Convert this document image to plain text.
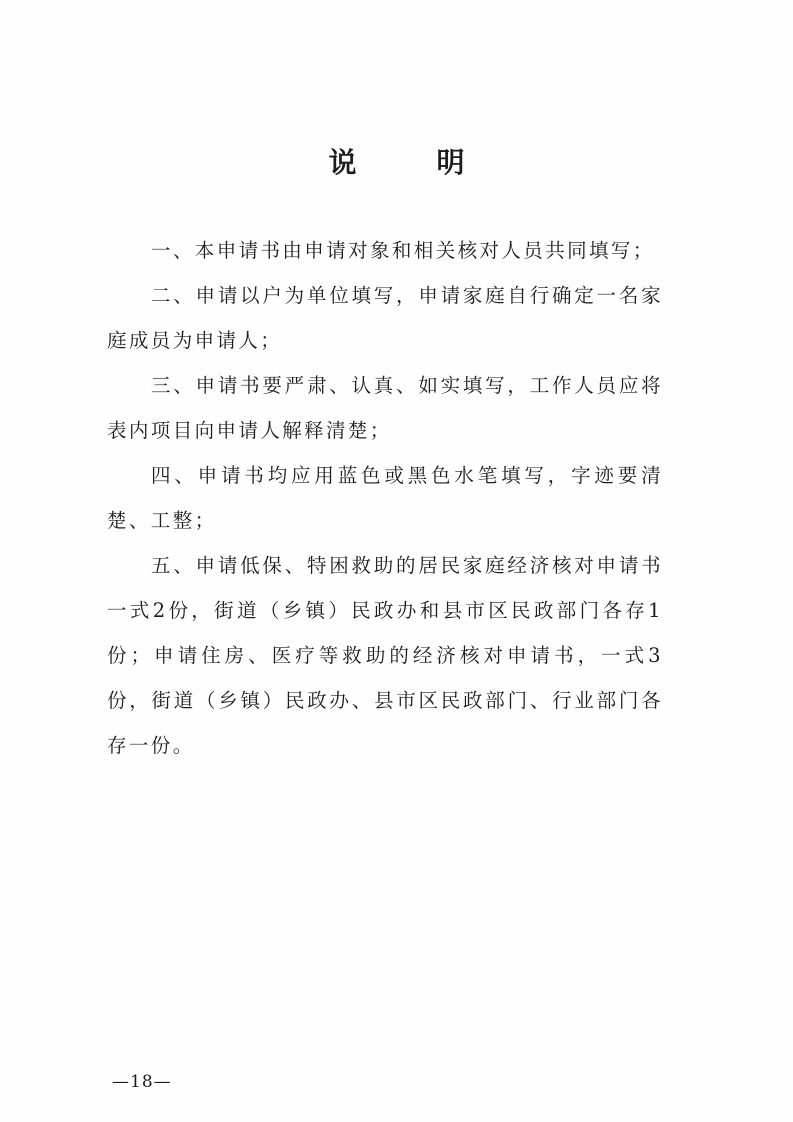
说明

一、本申请书由申请对象和相关核对人员共同填写；

二、申请以户为单位填写，申请家庭自行确定一名家庭成员为申请人；

三、申请书要严肃、认真、如实填写，工作人员应将表内项目向申请人解释清楚；

四、申请书均应用蓝色或黑色水笔填写，字迹要清楚、工整；

五、申请低保、特困救助的居民家庭经济核对申请书一式2份，街道（乡镇）民政办和县市区民政部门各存1份；申请住房、医疗等救助的经济核对申请书，一式3份，街道（乡镇）民政办、县市区民政部门、行业部门各存一份。

—18—
